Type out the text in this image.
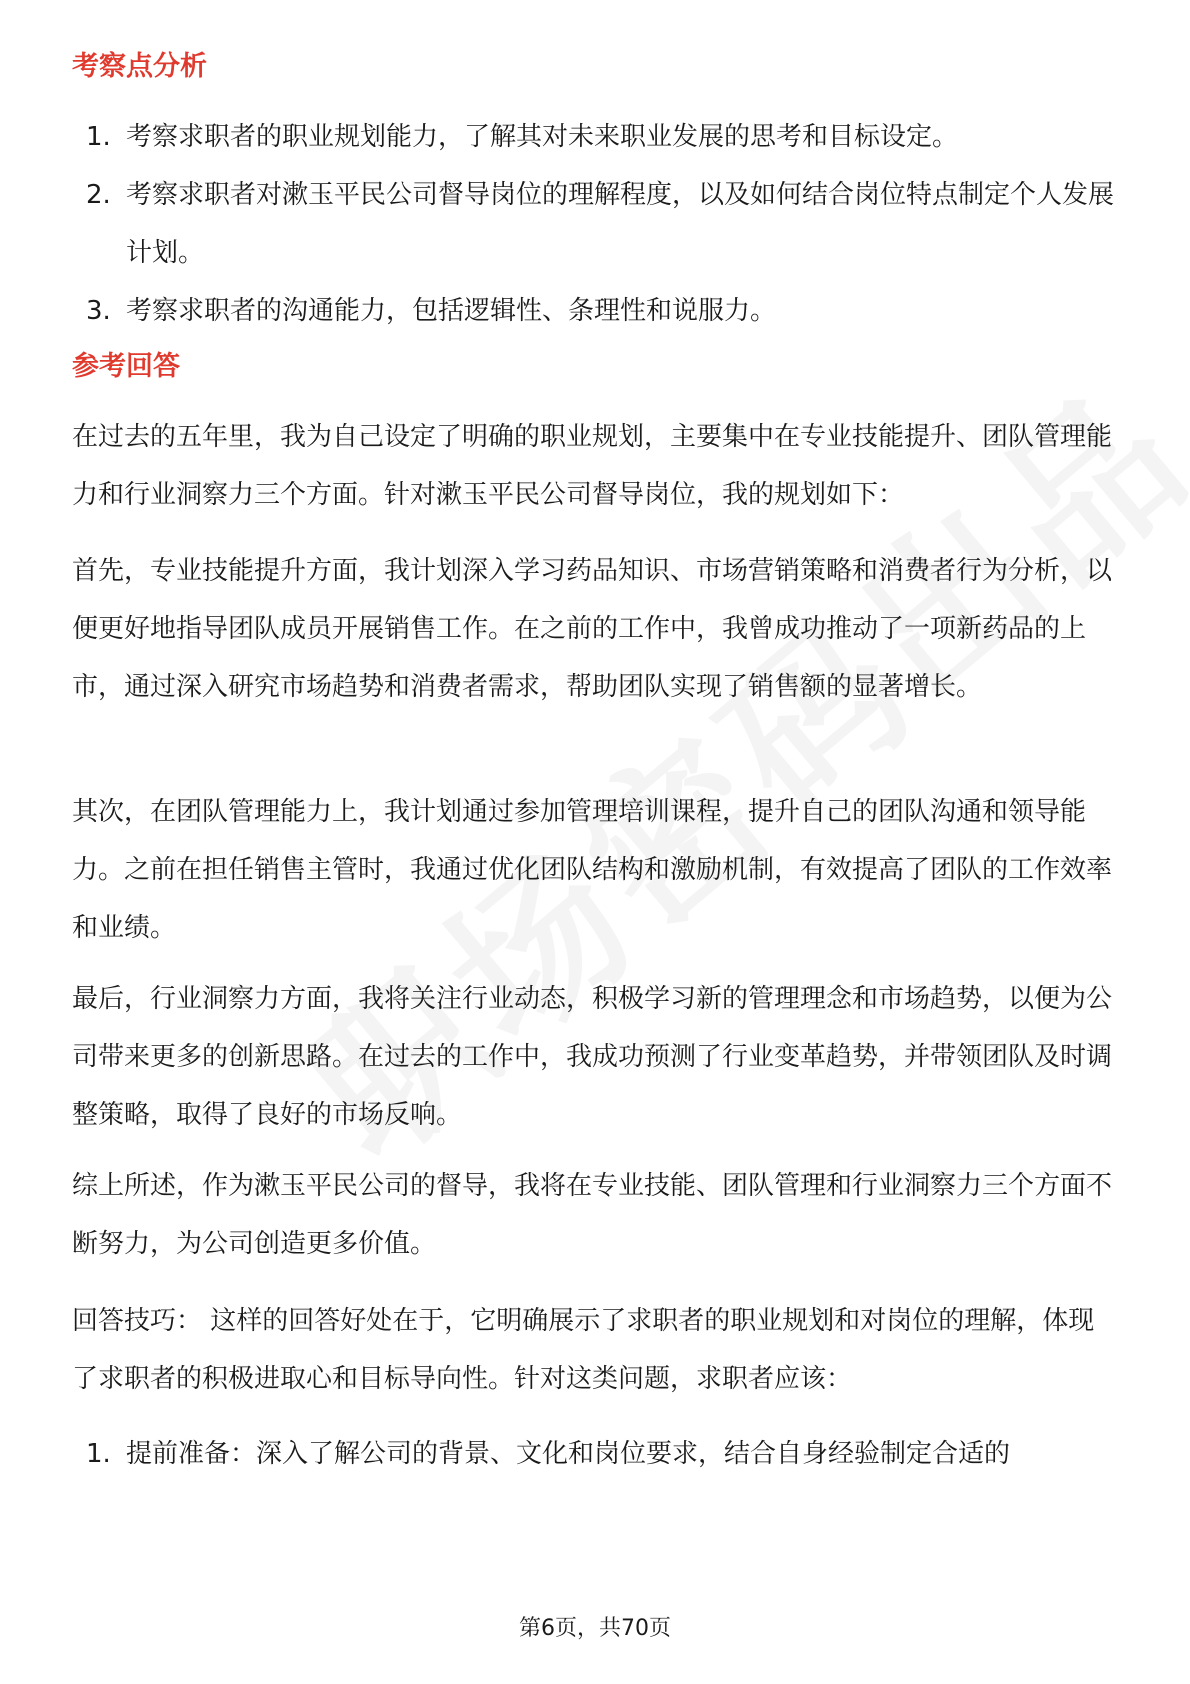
考察点分析
1. 考察求职者的职业规划能力，了解其对未来职业发展的思考和目标设定。
2. 考察求职者对漱玉平民公司督导岗位的理解程度，以及如何结合岗位特点制定个人发展计划。
3. 考察求职者的沟通能力，包括逻辑性、条理性和说服力。
参考回答

在过去的五年里，我为自己设定了明确的职业规划，主要集中在专业技能提升、团队管理能力和行业洞察力三个方面。针对漱玉平民公司督导岗位，我的规划如下：

首先，专业技能提升方面，我计划深入学习药品知识、市场营销策略和消费者行为分析，以便更好地指导团队成员开展销售工作。在之前的工作中，我曾成功推动了一项新药品的上市，通过深入研究市场趋势和消费者需求，帮助团队实现了销售额的显著增长。

其次，在团队管理能力上，我计划通过参加管理培训课程，提升自己的团队沟通和领导能力。之前在担任销售主管时，我通过优化团队结构和激励机制，有效提高了团队的工作效率和业绩。

最后，行业洞察力方面，我将关注行业动态，积极学习新的管理理念和市场趋势，以便为公司带来更多的创新思路。在过去的工作中，我成功预测了行业变革趋势，并带领团队及时调整策略，取得了良好的市场反响。

综上所述，作为漱玉平民公司的督导，我将在专业技能、团队管理和行业洞察力三个方面不断努力，为公司创造更多价值。

回答技巧： 这样的回答好处在于，它明确展示了求职者的职业规划和对岗位的理解，体现了求职者的积极进取心和目标导向性。针对这类问题，求职者应该：

1. 提前准备：深入了解公司的背景、文化和岗位要求，结合自身经验制定合适的
第6页，共70页
